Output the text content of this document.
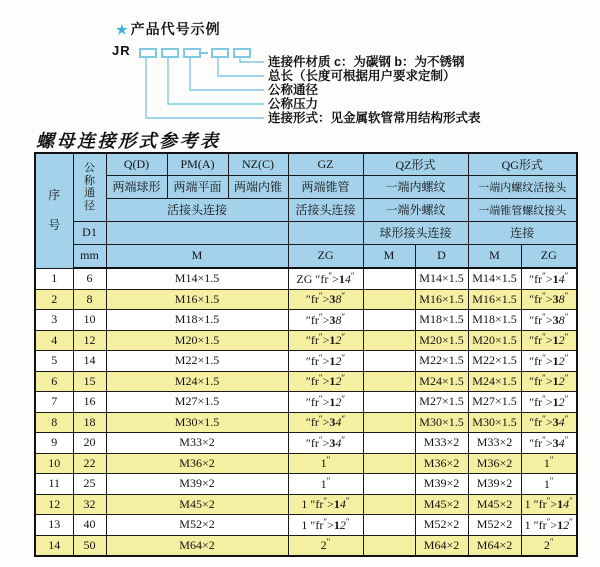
★ 产品代号示例
JR
连接件材质 c：为碳钢 b：为不锈钢
总长（长度可根据用户要求定制）
公称通径
公称压力
连接形式：见金属软管常用结构形式表
螺母连接形式参考表
序
号	公
称
通
径	Q(D)	PM(A)	NZ(C)	GZ	QZ形式		QG形式	
		两端球形	两端平面	两端内锥	两端锥管	一端内螺纹		一端内螺纹活接头	
		活接头连接			活接头连接	一端外螺纹		一端锥管螺纹接头	
	D1					球形接头连接		连接	
	mm	M			ZG	M	D	M	ZG
1	6	M14×1.5			ZG ″fr″>14″		M14×1.5	M14×1.5	″fr″>14″
2	8	M16×1.5			″fr″>38″		M16×1.5	M16×1.5	″fr″>38″
3	10	M18×1.5			″fr″>38″		M18×1.5	M18×1.5	″fr″>38″
4	12	M20×1.5			″fr″>12″		M20×1.5	M20×1.5	″fr″>12″
5	14	M22×1.5			″fr″>12″		M22×1.5	M22×1.5	″fr″>12″
6	15	M24×1.5			″fr″>12″		M24×1.5	M24×1.5	″fr″>12″
7	16	M27×1.5			″fr″>12″		M27×1.5	M27×1.5	″fr″>12″
8	18	M30×1.5			″fr″>34″		M30×1.5	M30×1.5	″fr″>34″
9	20	M33×2			″fr″>34″		M33×2	M33×2	″fr″>34″
10	22	M36×2			1″		M36×2	M36×2	1″
11	25	M39×2			1″		M39×2	M39×2	1″
12	32	M45×2			1 ″fr″>14″		M45×2	M45×2	1 ″fr″>14″
13	40	M52×2			1 ″fr″>12″		M52×2	M52×2	1 ″fr″>12″
14	50	M64×2			2″		M64×2	M64×2	2″
